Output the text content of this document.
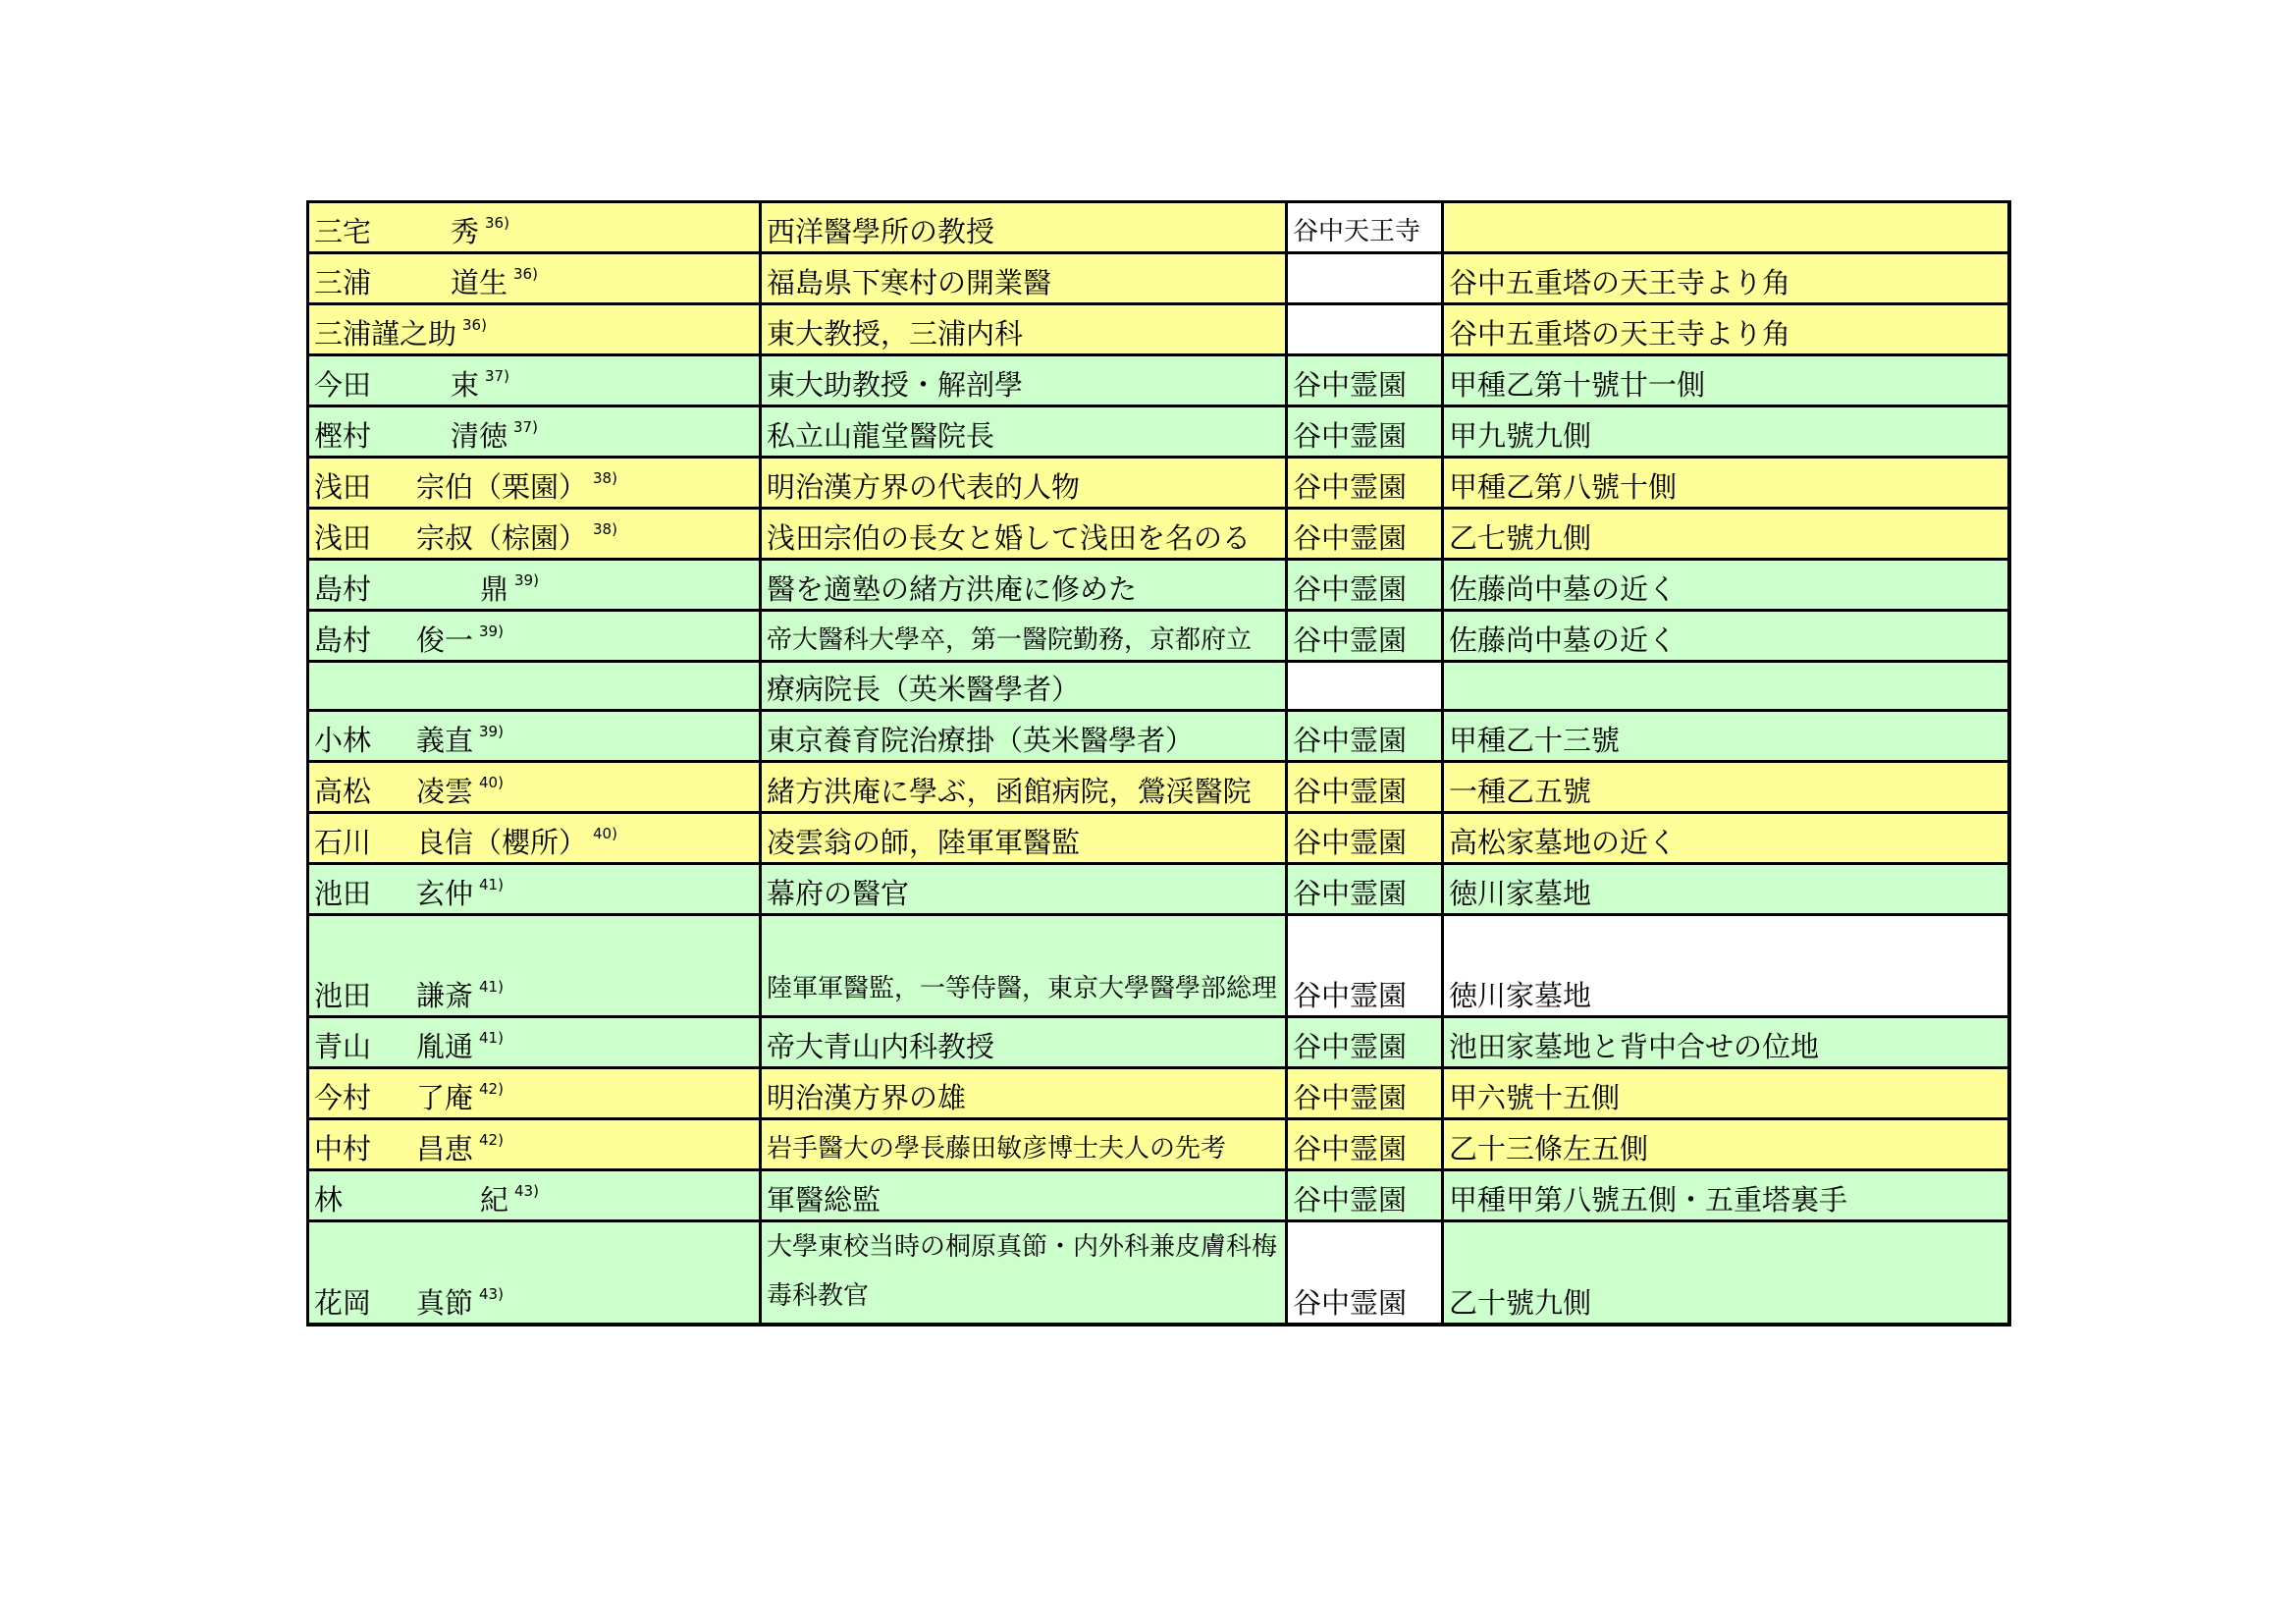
三宅 秀 $^{36)}$	西洋醫學所の教授	谷中天王寺	
三浦 道生 $^{36)}$	福島県下寒村の開業醫		谷中五重塔の天王寺より角
三浦謹之助 $^{36)}$	東大教授，三浦内科		谷中五重塔の天王寺より角
今田 束 $^{37)}$	東大助教授・解剖學	谷中霊園	甲種乙第十號廿一側
樫村 清徳 $^{37)}$	私立山龍堂醫院長	谷中霊園	甲九號九側
浅田 宗伯（栗園） $^{38)}$	明治漢方界の代表的人物	谷中霊園	甲種乙第八號十側
浅田 宗叔（棕園） $^{38)}$	浅田宗伯の長女と婚して浅田を名のる	谷中霊園	乙七號九側
島村 鼎 $^{39)}$	醫を適塾の緒方洪庵に修めた	谷中霊園	佐藤尚中墓の近く
島村 俊一 $^{39)}$	帝大醫科大學卒，第一醫院勤務，京都府立	谷中霊園	佐藤尚中墓の近く
	療病院長（英米醫學者）		
小林 義直 $^{39)}$	東京養育院治療掛（英米醫學者）	谷中霊園	甲種乙十三號
高松 凌雲 $^{40)}$	緒方洪庵に學ぶ，函館病院，鶯渓醫院	谷中霊園	一種乙五號
石川 良信（櫻所） $^{40)}$	凌雲翁の師，陸軍軍醫監	谷中霊園	高松家墓地の近く
池田 玄仲 $^{41)}$	幕府の醫官	谷中霊園	徳川家墓地
池田 謙斎 $^{41)}$	陸軍軍醫監，一等侍醫，東京大學醫學部総理	谷中霊園	徳川家墓地
青山 胤通 $^{41)}$	帝大青山内科教授	谷中霊園	池田家墓地と背中合せの位地
今村 了庵 $^{42)}$	明治漢方界の雄	谷中霊園	甲六號十五側
中村 昌恵 $^{42)}$	岩手醫大の學長藤田敏彦博士夫人の先考	谷中霊園	乙十三條左五側
林 紀 $^{43)}$	軍醫総監	谷中霊園	甲種甲第八號五側・五重塔裏手
花岡 真節 $^{43)}$	大學東校当時の桐原真節・内外科兼皮膚科梅毒科教官	谷中霊園	乙十號九側
